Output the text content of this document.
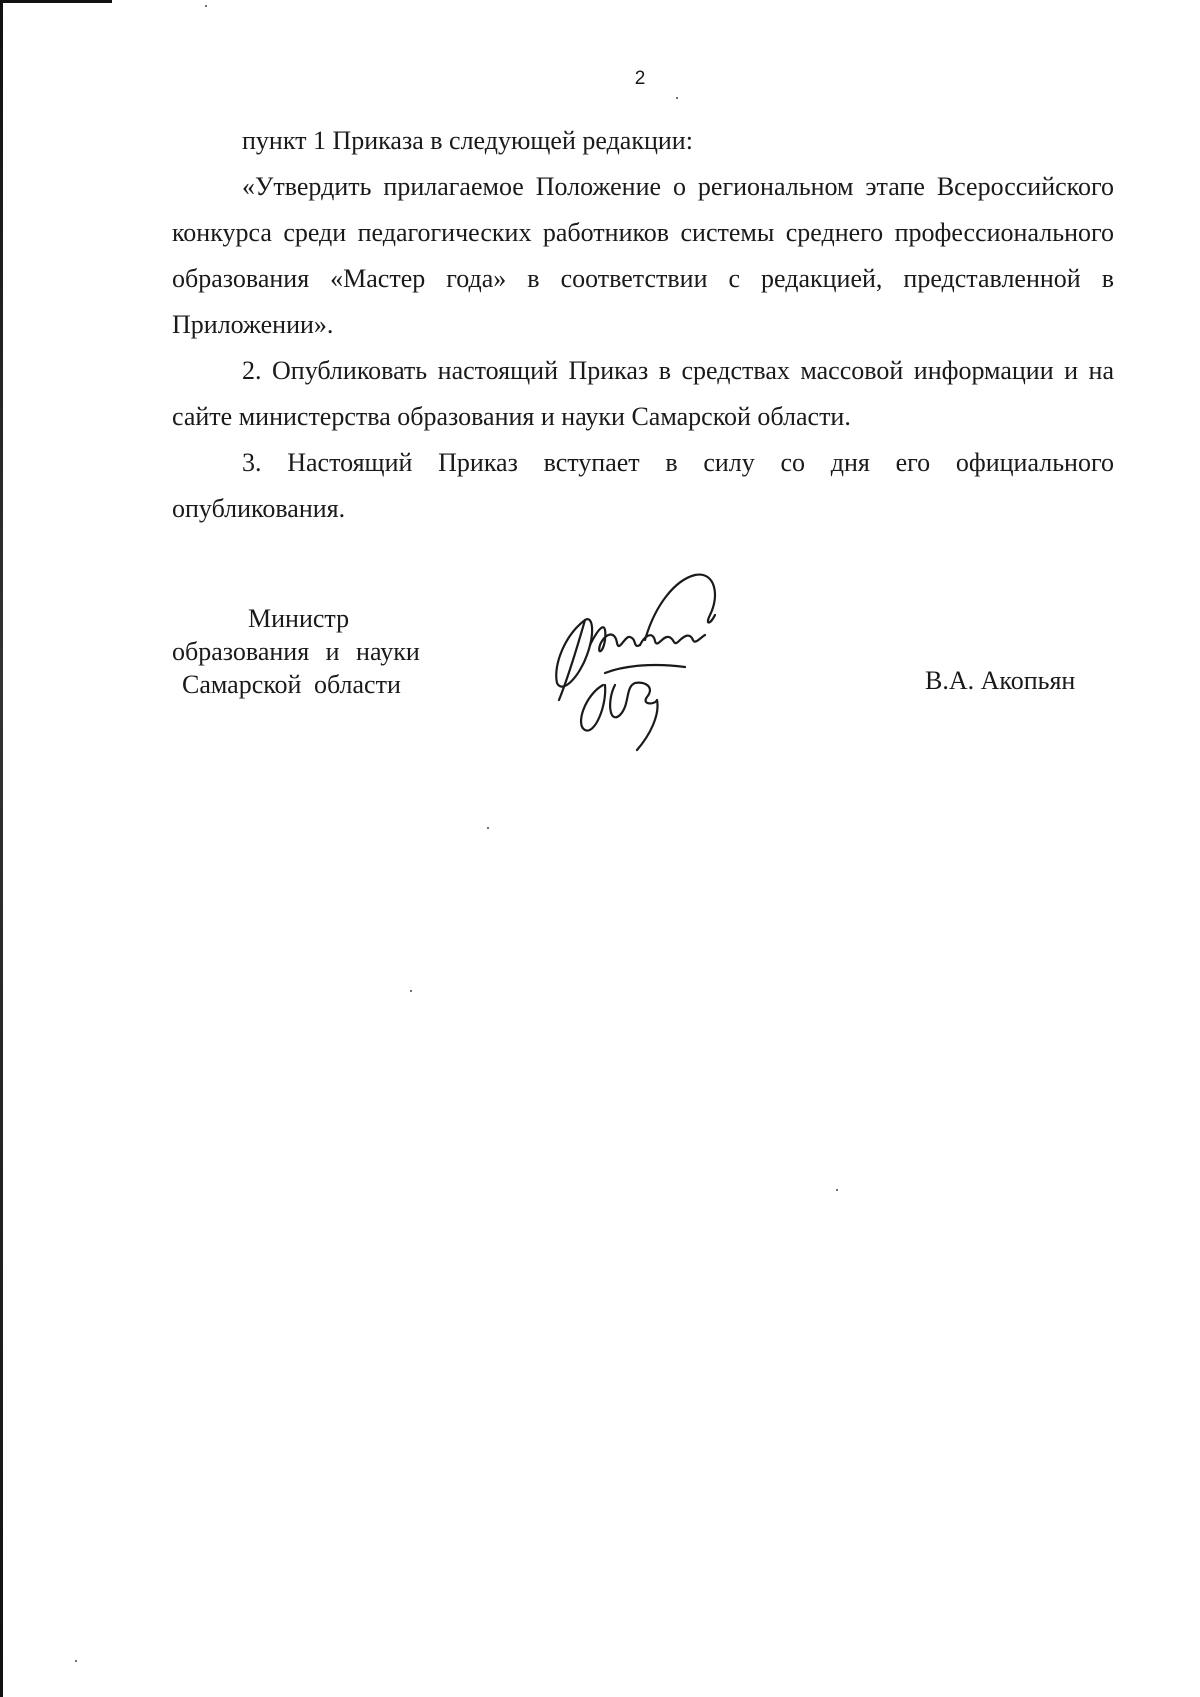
2

пункт 1 Приказа в следующей редакции:

«Утвердить прилагаемое Положение о региональном этапе Всероссийского конкурса среди педагогических работников системы среднего профессионального образования «Мастер года» в соответствии с редакцией, представленной в Приложении».

2. Опубликовать настоящий Приказ в средствах массовой информации и на сайте министерства образования и науки Самарской области.

3. Настоящий Приказ вступает в силу со дня его официального опубликования.

Министр
образования и науки
Самарской области	В.А. Акопьян
